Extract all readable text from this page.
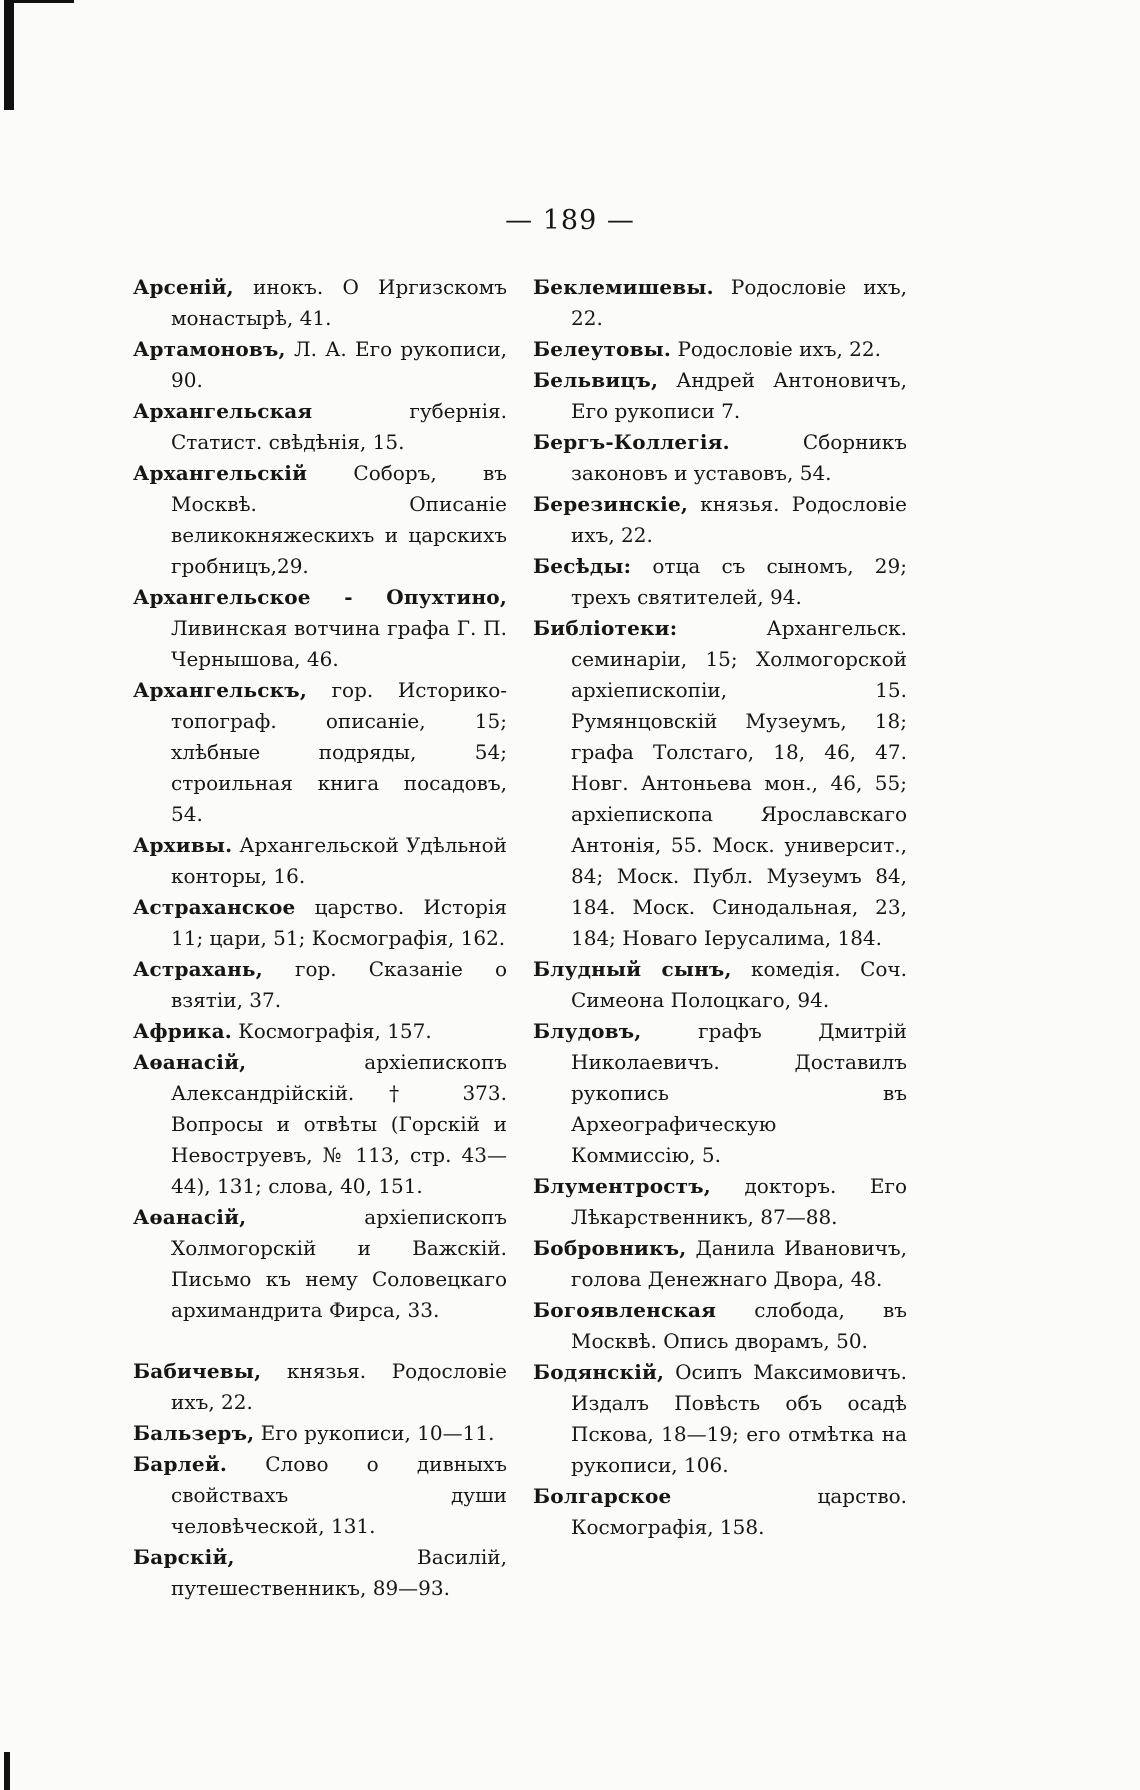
— 189 —
Арсеній, инокъ. О Иргизскомъ монастырѣ, 41.
Артамоновъ, Л. А. Его рукописи, 90.
Архангельская	губернія. Статист. свѣдѣнія, 15.
Архангельскій Соборъ, въ Москвѣ. Описаніе великокняжескихъ и царскихъ гробницъ,29.
Архангельское - Опухтино, Ливинская вотчина графа Г. П. Чернышова, 46.
Архангельскъ, гор. Историко-топограф. описаніе, 15; хлѣбные подряды, 54; строильная книга посадовъ, 54.
Архивы. Архангельской Удѣльной конторы, 16.
Астраханское царство. Исторія 11; цари, 51; Космографія, 162.
Астрахань, гор. Сказаніе о взятіи, 37.
Африка. Космографія, 157.
Аѳанасій,	архіепископъ Александрійскій. † 373. Вопросы и отвѣты (Горскій и Невоструевъ, № 113, стр. 43—44), 131; слова, 40, 151.
Аѳанасій,	архіепископъ Холмогорскій и Важскій. Письмо къ нему Соловецкаго архимандрита Фирса, 33.
Бабичевы, князья. Родословіе ихъ, 22.
Бальзеръ, Его рукописи, 10—11.
Барлей. Слово о дивныхъ свойствахъ души человѣческой, 131.
Барскій,	Василій, путешественникъ, 89—93.
Беклемишевы. Родословіе ихъ, 22.
Белеутовы. Родословіе ихъ, 22.
Бельвицъ, Андрей Антоновичъ, Его рукописи 7.
Бергъ-Коллегія.	Сборникъ законовъ и уставовъ, 54.
Березинскіе, князья. Родословіе ихъ, 22.
Бесѣды: отца съ сыномъ, 29; трехъ святителей, 94.
Библіотеки:	Архангельск. семинаріи, 15; Холмогорской архіепископіи, 15. Румянцовскій Музеумъ, 18; графа Толстаго, 18, 46, 47. Новг. Антоньева мон., 46, 55; архіепископа Ярославскаго Антонія, 55. Моск. университ., 84; Моск. Публ. Музеумъ 84, 184. Моск. Синодальная, 23, 184; Новаго Іерусалима, 184.
Блудный сынъ, комедія. Соч. Симеона Полоцкаго, 94.
Блудовъ,	графъ Дмитрій Николаевичъ. Доставилъ рукопись въ Археографическую Коммиссію, 5.
Блументростъ, докторъ. Его Лѣкарственникъ, 87—88.
Бобровникъ, Данила Ивановичъ, голова Денежнаго Двора, 48.
Богоявленская слобода, въ Москвѣ. Опись дворамъ, 50.
Бодянскій, Осипъ Максимовичъ. Издалъ Повѣсть объ осадѣ Пскова, 18—19; его отмѣтка на рукописи, 106.
Болгарское	царство. Космографія, 158.
